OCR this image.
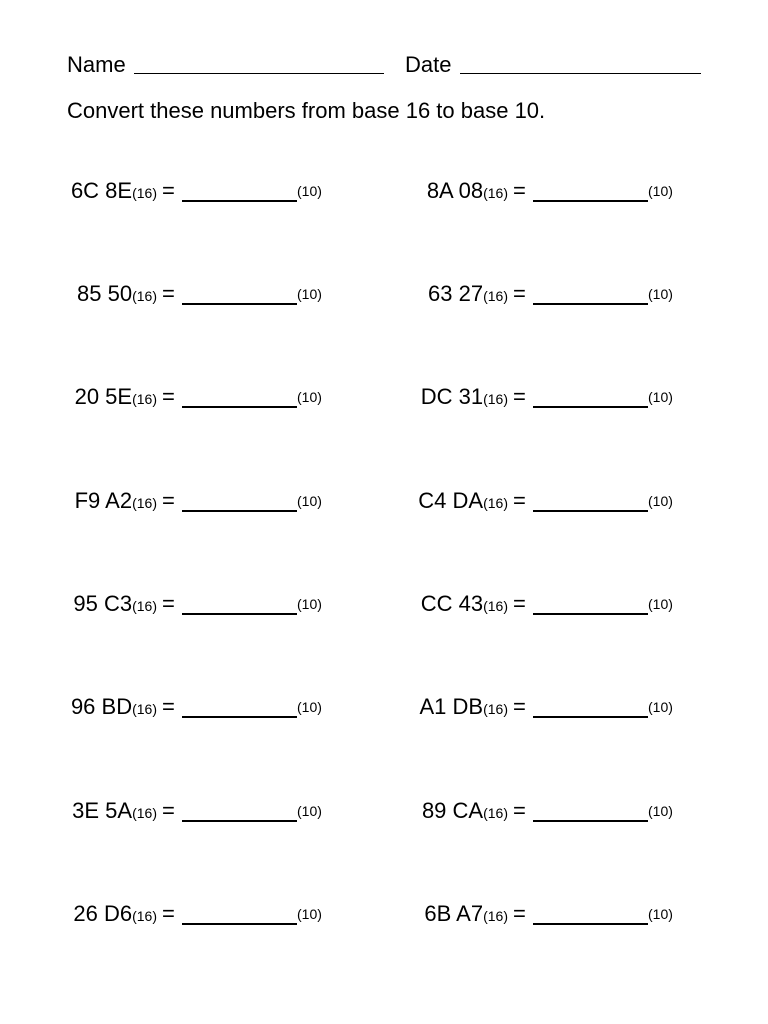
Name	Date
Convert these numbers from base 16 to base 10.
6C 8E(16) =	(10)
85 50(16) =	(10)
20 5E(16) =	(10)
F9 A2(16) =	(10)
95 C3(16) =	(10)
96 BD(16) =	(10)
3E 5A(16) =	(10)
26 D6(16) =	(10)
8A 08(16) =	(10)
63 27(16) =	(10)
DC 31(16) =	(10)
C4 DA(16) =	(10)
CC 43(16) =	(10)
A1 DB(16) =	(10)
89 CA(16) =	(10)
6B A7(16) =	(10)
